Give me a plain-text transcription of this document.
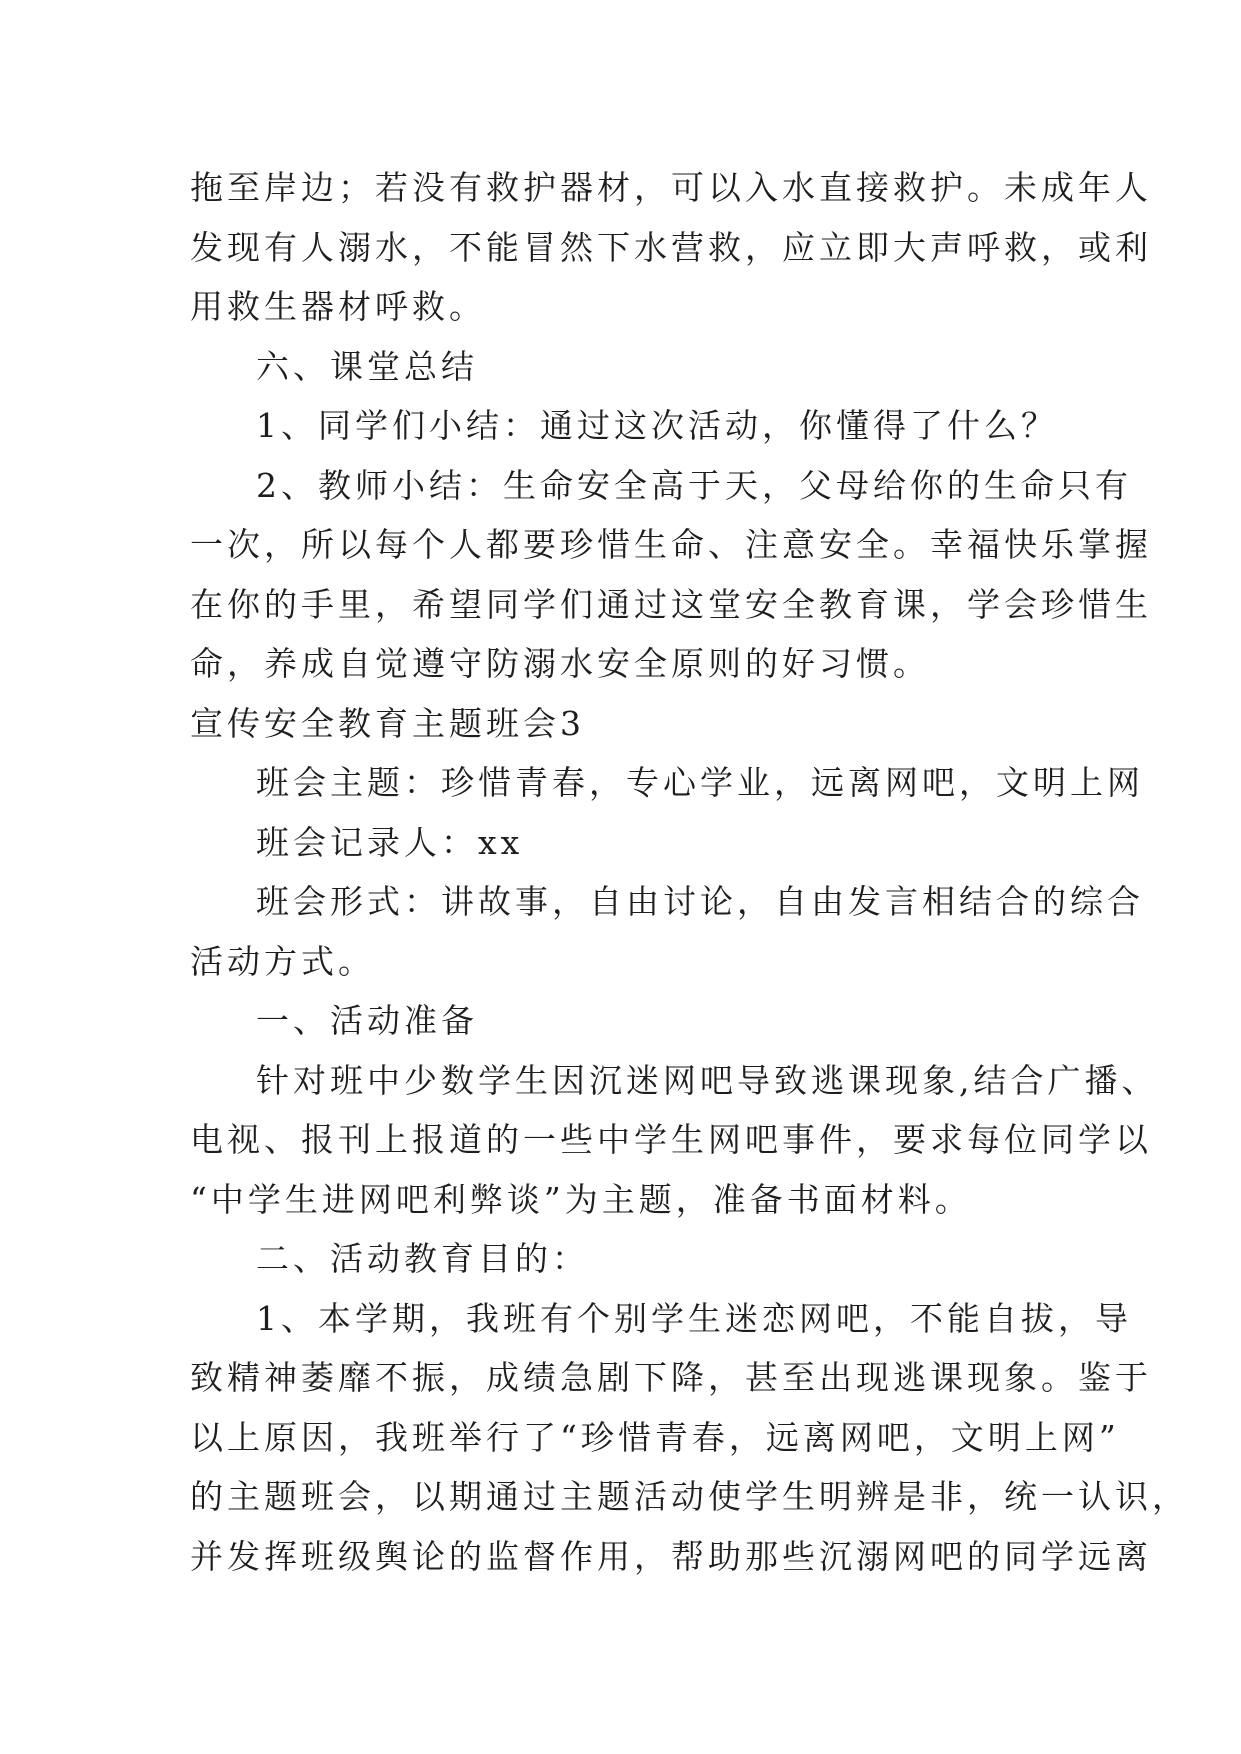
拖至岸边；若没有救护器材，可以入水直接救护。未成年人

发现有人溺水，不能冒然下水营救，应立即大声呼救，或利

用救生器材呼救。

六、课堂总结

1、同学们小结：通过这次活动，你懂得了什么？

2、教师小结：生命安全高于天，父母给你的生命只有

一次，所以每个人都要珍惜生命、注意安全。幸福快乐掌握

在你的手里，希望同学们通过这堂安全教育课，学会珍惜生

命，养成自觉遵守防溺水安全原则的好习惯。

宣传安全教育主题班会3

班会主题：珍惜青春，专心学业，远离网吧，文明上网

班会记录人：xx

班会形式：讲故事，自由讨论，自由发言相结合的综合

活动方式。

一、活动准备

针对班中少数学生因沉迷网吧导致逃课现象,结合广播、

电视、报刊上报道的一些中学生网吧事件，要求每位同学以

“中学生进网吧利弊谈”为主题，准备书面材料。

二、活动教育目的：

1、本学期，我班有个别学生迷恋网吧，不能自拔，导

致精神萎靡不振，成绩急剧下降，甚至出现逃课现象。鉴于

以上原因，我班举行了“珍惜青春，远离网吧，文明上网”

的主题班会，以期通过主题活动使学生明辨是非，统一认识，

并发挥班级舆论的监督作用，帮助那些沉溺网吧的同学远离
